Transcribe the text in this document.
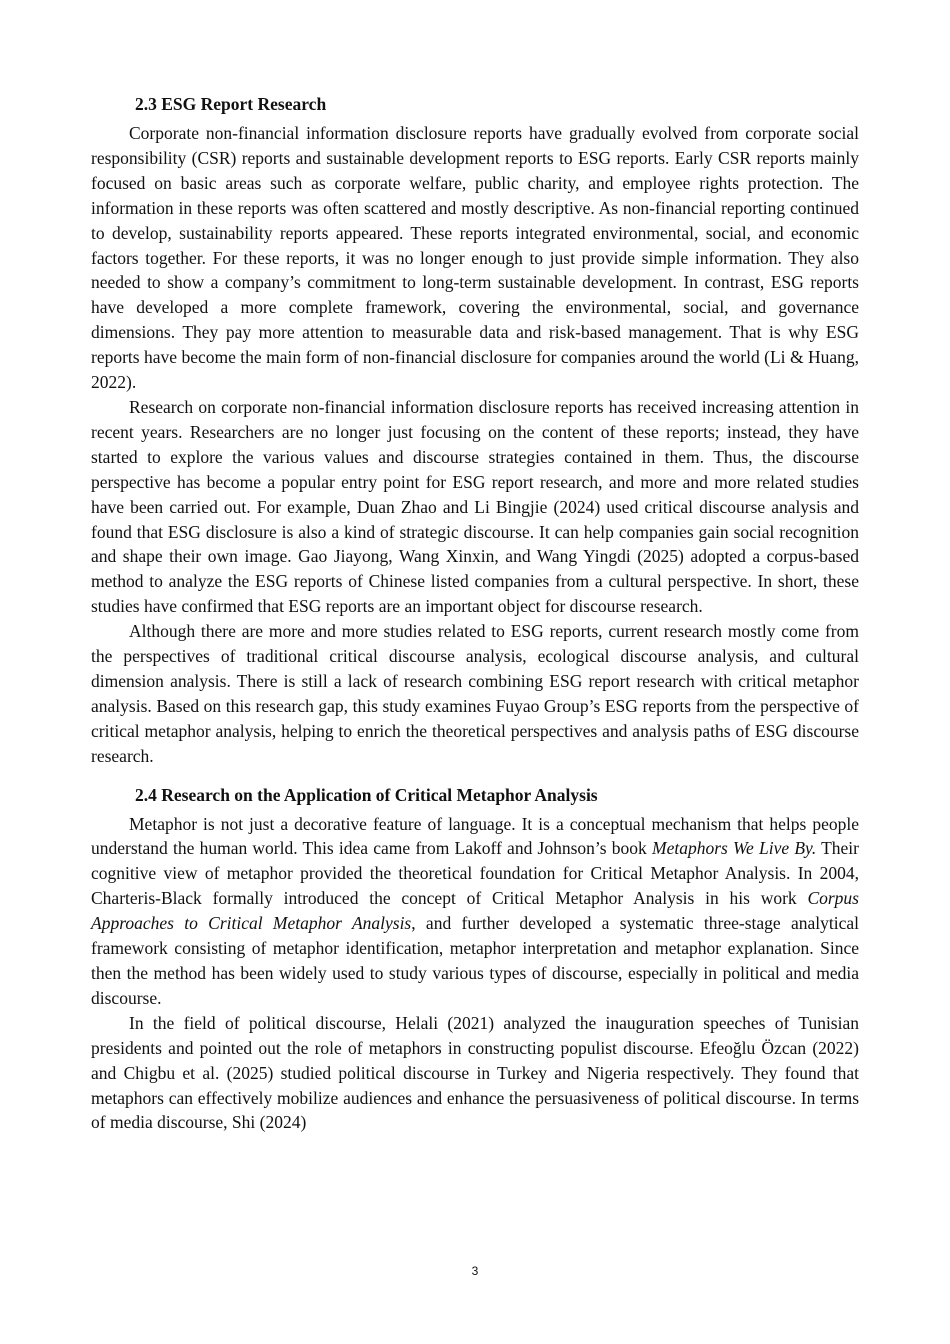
2.3 ESG Report Research

Corporate non-financial information disclosure reports have gradually evolved from corporate social responsibility (CSR) reports and sustainable development reports to ESG reports. Early CSR reports mainly focused on basic areas such as corporate welfare, public charity, and employee rights protection. The information in these reports was often scattered and mostly descriptive. As non-financial reporting continued to develop, sustainability reports appeared. These reports integrated environmental, social, and economic factors together. For these reports, it was no longer enough to just provide simple information. They also needed to show a company’s commitment to long-term sustainable development. In contrast, ESG reports have developed a more complete framework, covering the environmental, social, and governance dimensions. They pay more attention to measurable data and risk-based management. That is why ESG reports have become the main form of non-financial disclosure for companies around the world (Li & Huang, 2022).

Research on corporate non-financial information disclosure reports has received increasing attention in recent years. Researchers are no longer just focusing on the content of these reports; instead, they have started to explore the various values and discourse strategies contained in them. Thus, the discourse perspective has become a popular entry point for ESG report research, and more and more related studies have been carried out. For example, Duan Zhao and Li Bingjie (2024) used critical discourse analysis and found that ESG disclosure is also a kind of strategic discourse. It can help companies gain social recognition and shape their own image. Gao Jiayong, Wang Xinxin, and Wang Yingdi (2025) adopted a corpus-based method to analyze the ESG reports of Chinese listed companies from a cultural perspective. In short, these studies have confirmed that ESG reports are an important object for discourse research.

Although there are more and more studies related to ESG reports, current research mostly come from the perspectives of traditional critical discourse analysis, ecological discourse analysis, and cultural dimension analysis. There is still a lack of research combining ESG report research with critical metaphor analysis. Based on this research gap, this study examines Fuyao Group’s ESG reports from the perspective of critical metaphor analysis, helping to enrich the theoretical perspectives and analysis paths of ESG discourse research.

2.4 Research on the Application of Critical Metaphor Analysis

Metaphor is not just a decorative feature of language. It is a conceptual mechanism that helps people understand the human world. This idea came from Lakoff and Johnson’s book Metaphors We Live By. Their cognitive view of metaphor provided the theoretical foundation for Critical Metaphor Analysis. In 2004, Charteris-Black formally introduced the concept of Critical Metaphor Analysis in his work Corpus Approaches to Critical Metaphor Analysis, and further developed a systematic three-stage analytical framework consisting of metaphor identification, metaphor interpretation and metaphor explanation. Since then the method has been widely used to study various types of discourse, especially in political and media discourse.

In the field of political discourse, Helali (2021) analyzed the inauguration speeches of Tunisian presidents and pointed out the role of metaphors in constructing populist discourse. Efeoğlu Özcan (2022) and Chigbu et al. (2025) studied political discourse in Turkey and Nigeria respectively. They found that metaphors can effectively mobilize audiences and enhance the persuasiveness of political discourse. In terms of media discourse, Shi (2024)

3
